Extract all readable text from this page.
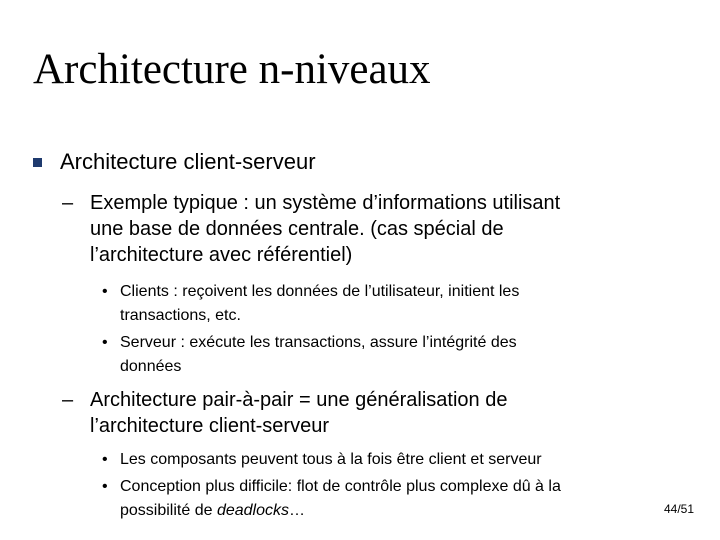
Architecture n-niveaux
Architecture client-serveur
– Exemple typique : un système d’informations utilisant
une base de données centrale. (cas spécial de
l’architecture avec référentiel)
• Clients : reçoivent les données de l’utilisateur, initient les
transactions, etc.
• Serveur : exécute les transactions, assure l’intégrité des
données
– Architecture pair-à-pair = une généralisation de
l’architecture client-serveur
• Les composants peuvent tous à la fois être client et serveur
• Conception plus difficile: flot de contrôle plus complexe dû à la
possibilité de deadlocks…	44/51
